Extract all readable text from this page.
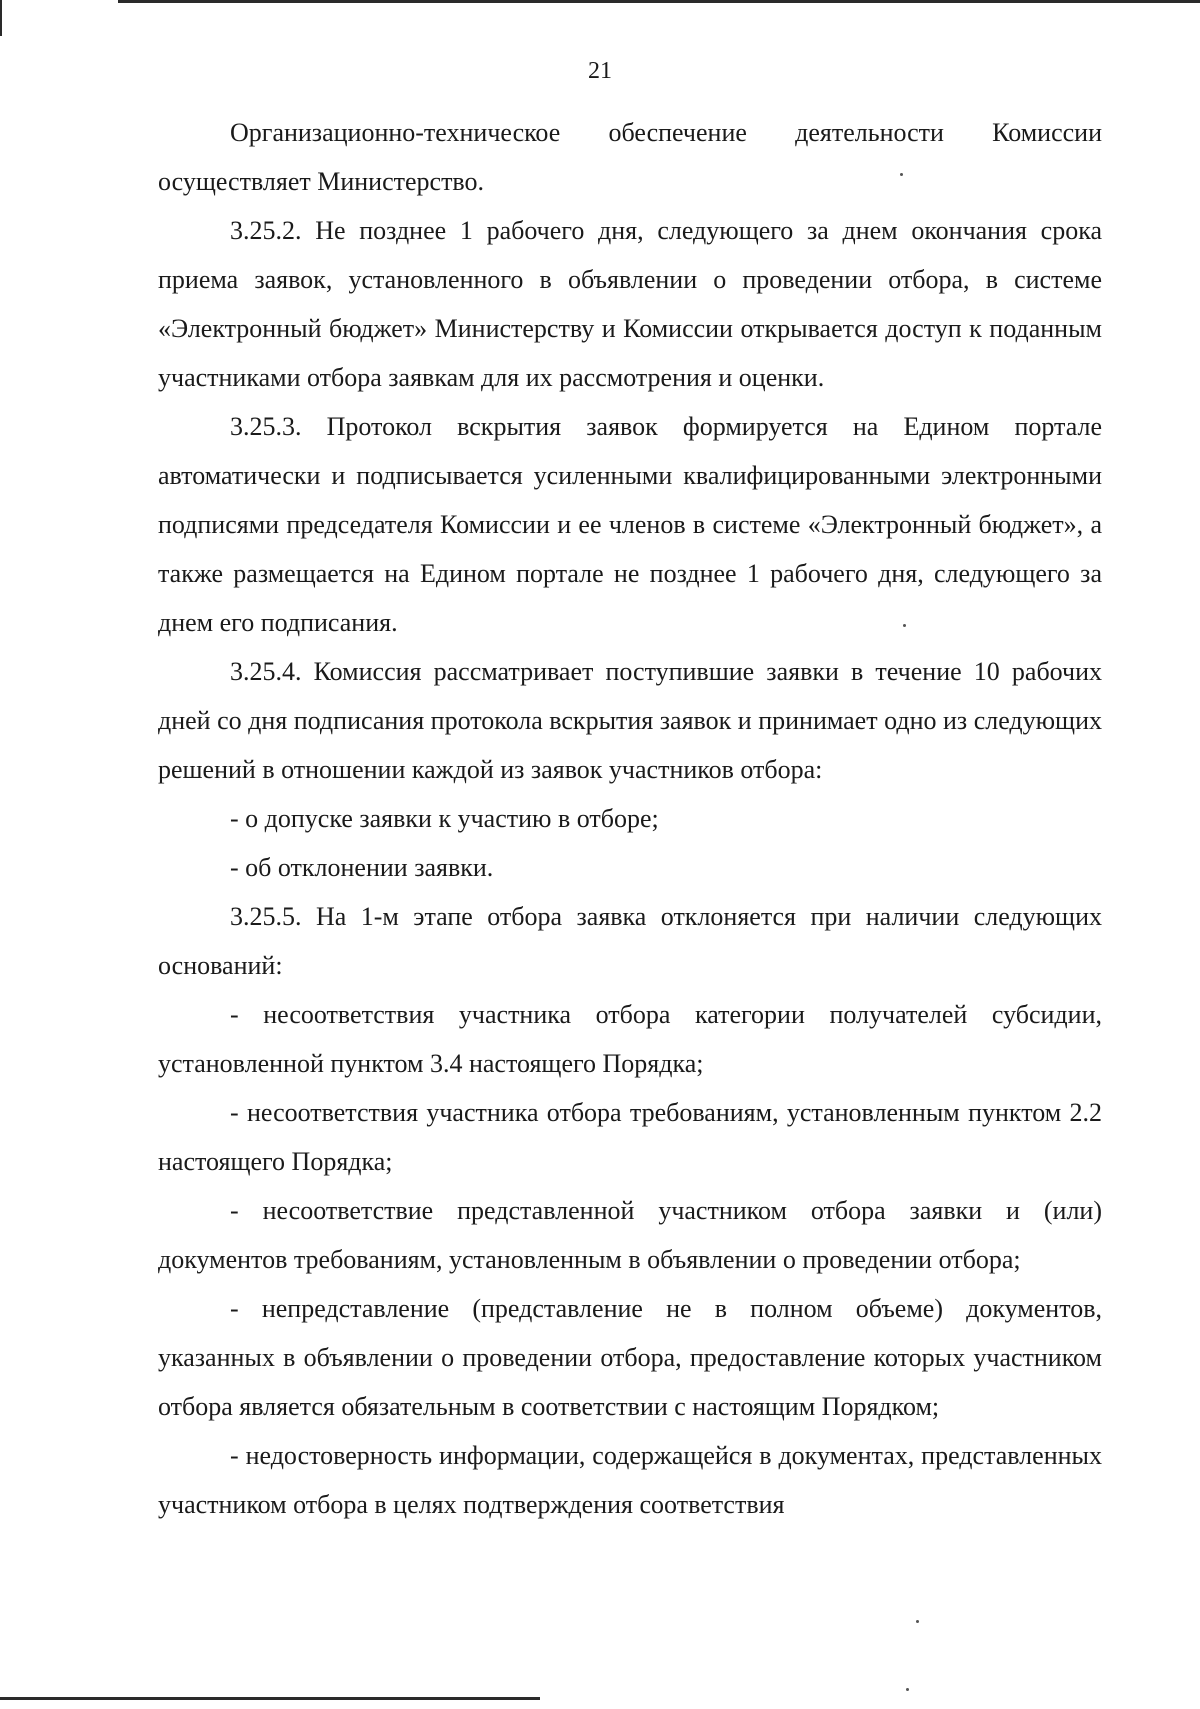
21

Организационно-техническое обеспечение деятельности Комиссии осуществляет Министерство.

3.25.2. Не позднее 1 рабочего дня, следующего за днем окончания срока приема заявок, установленного в объявлении о проведении отбора, в системе «Электронный бюджет» Министерству и Комиссии открывается доступ к поданным участниками отбора заявкам для их рассмотрения и оценки.

3.25.3. Протокол вскрытия заявок формируется на Едином портале автоматически и подписывается усиленными квалифицированными электронными подписями председателя Комиссии и ее членов в системе «Электронный бюджет», а также размещается на Едином портале не позднее 1 рабочего дня, следующего за днем его подписания.

3.25.4. Комиссия рассматривает поступившие заявки в течение 10 рабочих дней со дня подписания протокола вскрытия заявок и принимает одно из следующих решений в отношении каждой из заявок участников отбора:

- о допуске заявки к участию в отборе;

- об отклонении заявки.

3.25.5. На 1-м этапе отбора заявка отклоняется при наличии следующих оснований:

- несоответствия участника отбора категории получателей субсидии, установленной пунктом 3.4 настоящего Порядка;

- несоответствия участника отбора требованиям, установленным пунктом 2.2 настоящего Порядка;

- несоответствие представленной участником отбора заявки и (или) документов требованиям, установленным в объявлении о проведении отбора;

- непредставление (представление не в полном объеме) документов, указанных в объявлении о проведении отбора, предоставление которых участником отбора является обязательным в соответствии с настоящим Порядком;

- недостоверность информации, содержащейся в документах, представленных участником отбора в целях подтверждения соответствия
